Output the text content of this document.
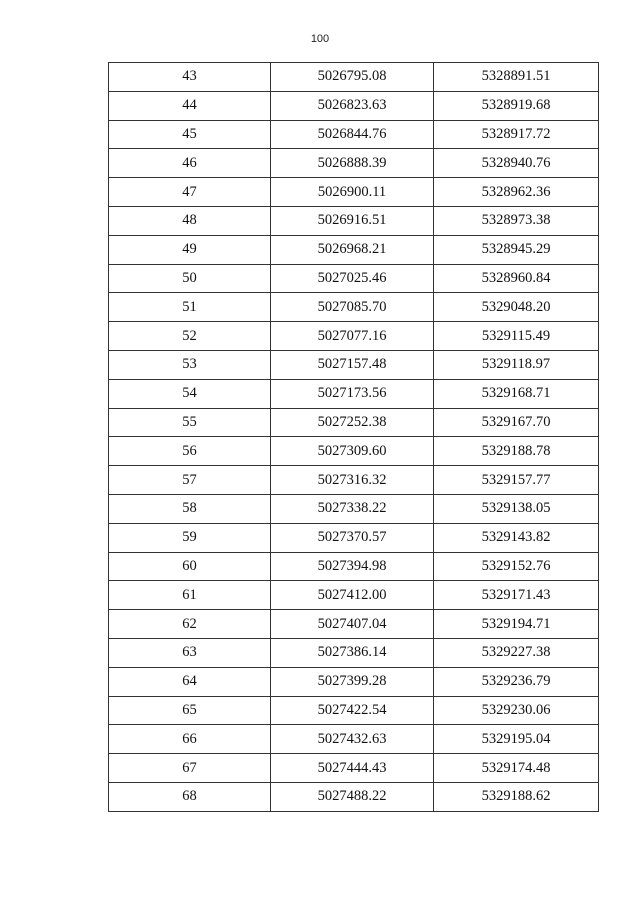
100
43	5026795.08	5328891.51
44	5026823.63	5328919.68
45	5026844.76	5328917.72
46	5026888.39	5328940.76
47	5026900.11	5328962.36
48	5026916.51	5328973.38
49	5026968.21	5328945.29
50	5027025.46	5328960.84
51	5027085.70	5329048.20
52	5027077.16	5329115.49
53	5027157.48	5329118.97
54	5027173.56	5329168.71
55	5027252.38	5329167.70
56	5027309.60	5329188.78
57	5027316.32	5329157.77
58	5027338.22	5329138.05
59	5027370.57	5329143.82
60	5027394.98	5329152.76
61	5027412.00	5329171.43
62	5027407.04	5329194.71
63	5027386.14	5329227.38
64	5027399.28	5329236.79
65	5027422.54	5329230.06
66	5027432.63	5329195.04
67	5027444.43	5329174.48
68	5027488.22	5329188.62
